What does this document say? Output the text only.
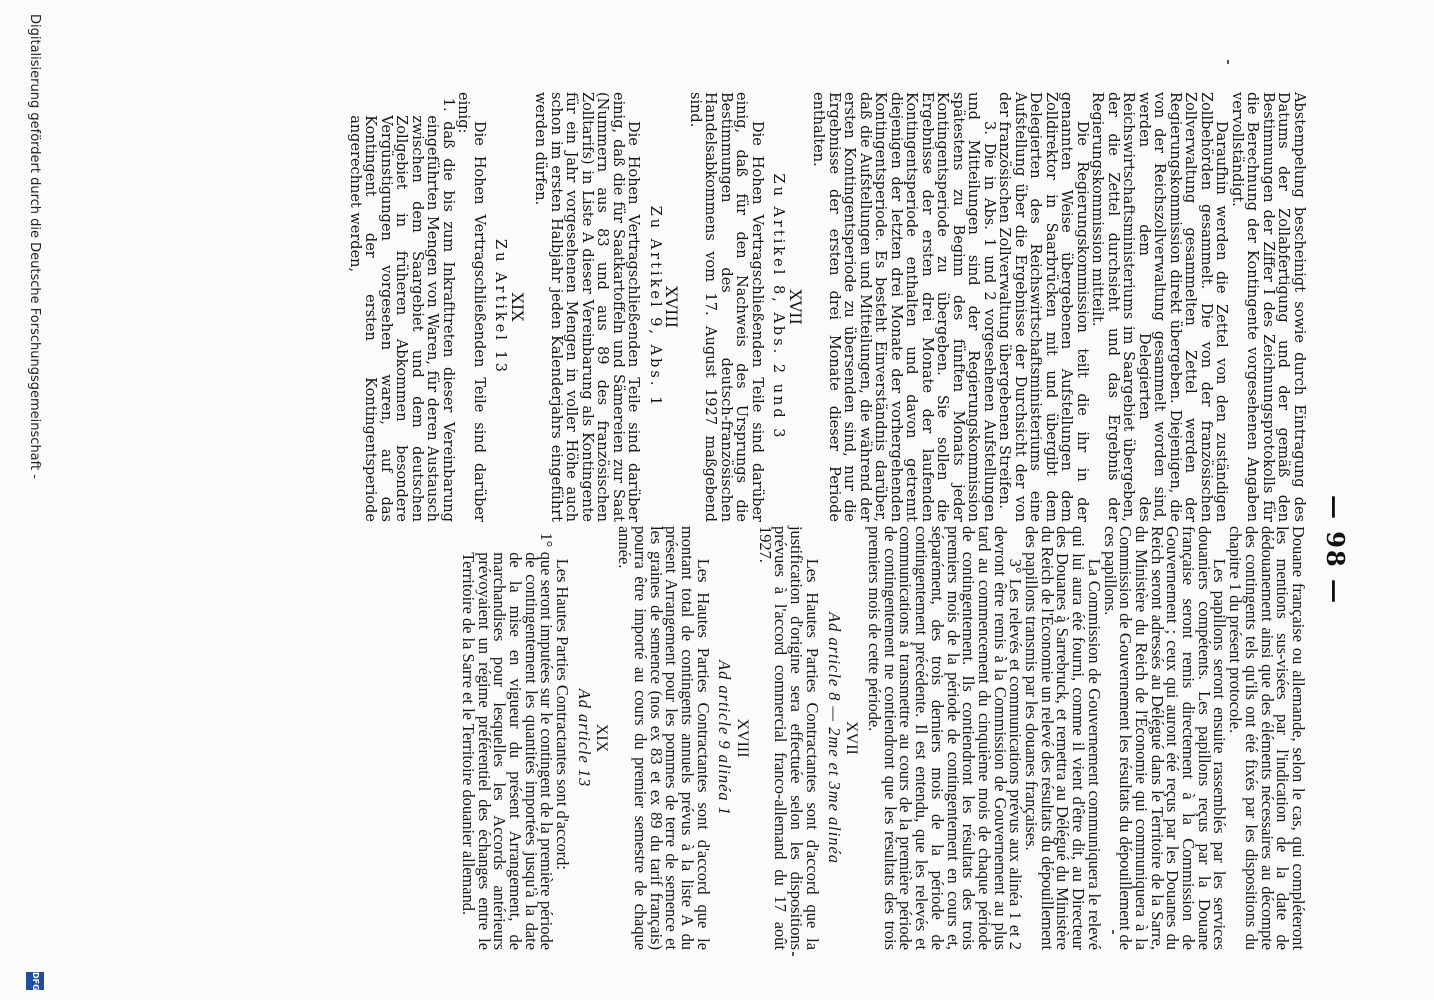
— 98 —

Abstempelung bescheinigt sowie durch Eintragung des Datums der Zollabfertigung und der gemäß den Bestimmungen der Ziffer I des Zeichnungsprotokolls für die Berechnung der Kontingente vorgesehenen Angaben vervollständigt.

Daraufhin werden die Zettel von den zuständigen Zollbehörden gesammelt. Die von der französischen Zollverwaltung gesammelten Zettel werden der Regierungskommission direkt übergeben. Diejenigen, die von der Reichszollverwaltung gesammelt worden sind, werden dem Delegierten des Reichswirtschaftsministeriums im Saargebiet übergeben, der die Zettel durchsieht und das Ergebnis der Regierungskommission mitteilt.

Die Regierungskommission teilt die ihr in der genannten Weise übergebenen Aufstellungen dem Zolldirektor in Saarbrücken mit und übergibt dem Delegierten des Reichswirtschaftsministeriums eine Aufstellung über die Ergebnisse der Durchsicht der von der französischen Zollverwaltung übergebenen Streifen.

3. Die in Abs. 1 und 2 vorgesehenen Aufstellungen und Mitteilungen sind der Regierungskommission spätestens zu Beginn des fünften Monats jeder Kontingentsperiode zu übergeben. Sie sollen die Ergebnisse der ersten drei Monate der laufenden Kontingentsperiode enthalten und davon getrennt diejenigen der letzten drei Monate der vorhergehenden Kontingentsperiode. Es besteht Einverständnis darüber, daß die Aufstellungen und Mitteilungen, die während der ersten Kontingentsperiode zu übersenden sind, nur die Ergebnisse der ersten drei Monate dieser Periode enthalten.

XVII
Zu Artikel 8, Abs. 2 und 3

Die Hohen Vertragschließenden Teile sind darüber einig, daß für den Nachweis des Ursprungs die Bestimmungen des deutsch-französischen Handelsabkommens vom 17. August 1927 maßgebend sind.

XVIII
Zu Artikel 9, Abs. 1

Die Hohen Vertragschließenden Teile sind darüber einig, daß die für Saatkartoffeln und Sämereien zur Saat (Nummern aus 83 und aus 89 des französischen Zolltarifs) in Liste A dieser Vereinbarung als Kontingente für ein Jahr vorgesehenen Mengen in voller Höhe auch schon im ersten Halbjahr jeden Kalenderjahrs eingeführt werden dürfen.

XIX
Zu Artikel 13

Die Hohen Vertragschließenden Teile sind darüber einig:

1. daß die bis zum Inkrafttreten dieser Vereinbarung eingeführten Mengen von Waren, für deren Austausch zwischen dem Saargebiet und dem deutschen Zollgebiet in früheren Abkommen besondere Vergünstigungen vorgesehen waren, auf das Kontingent der ersten Kontingentsperiode angerechnet werden,

Douane française ou allemande, selon le cas, qui compléteront les mentions sus-visées par l'indication de la date de dédouanement ainsi que des éléments nécessaires au décompte des contingents tels qu'ils ont été fixés par les dispositions du chapitre 1 du présent protocole.

Les papillons seront ensuite rassemblés par les services douaniers compétents. Les papillons reçus par la Douane française seront remis directement à la Commission de Gouvernement ; ceux qui auront été reçus par les Douanes du Reich seront adressés au Délégué dans le Territoire de la Sarre, du Ministère du Reich de l'Économie qui communiquera à la Commission de Gouvernement les résultats du dépouillement de ces papillons.

La Commission de Gouvernement communiquera le relevé qui lui aura été fourni, comme il vient d'être dit, au Directeur des Douanes à Sarrebruck, et remettra au Délégué du Ministère du Reich de l'Économie un relevé des résultats du dépouillement des papillons transmis par les douanes françaises.

3° Les relevés et communications prévus aux alinéa 1 et 2 devront être remis à la Commission de Gouvernement au plus tard au commencement du cinquième mois de chaque période de contingentement. Ils contiendront les résultats des trois premiers mois de la période de contingentement en cours et, séparément, des trois derniers mois de la période de contingentement précédente. Il est entendu, que les relevés et communications à transmettre au cours de la première période de contingentement ne contiendront que les résultats des trois premiers mois de cette période.

XVII
Ad article 8 — 2me et 3me alinéa

Les Hautes Parties Contractantes sont d'accord que la justification d'origine sera effectuée selon les dispositions prévues à l'accord commercial franco-allemand du 17 août 1927.

XVIII
Ad article 9 alinéa 1

Les Hautes Parties Contractantes sont d'accord que le montant total de contingents annuels prévus à la liste A du présent Arrangement pour les pommes de terre de semence et les graines de semence (nos ex 83 et ex 89 du tarif français) pourra être importé au cours du premier semestre de chaque année.

XIX
Ad article 13

Les Hautes Parties Contractantes sont d'accord:

1° que seront imputées sur le contingent de la première période de contingentement les quantités importées jusqu'à la date de la mise en vigueur du présent Arrangement, de marchandises pour lesquelles les Accords antérieurs prévoyaient un régime préférentiel des échanges entre le Territoire de la Sarre et le Territoire douanier allemand.

Digitalisierung gefördert durch die Deutsche Forschungsgemeinschaft -
DFG
